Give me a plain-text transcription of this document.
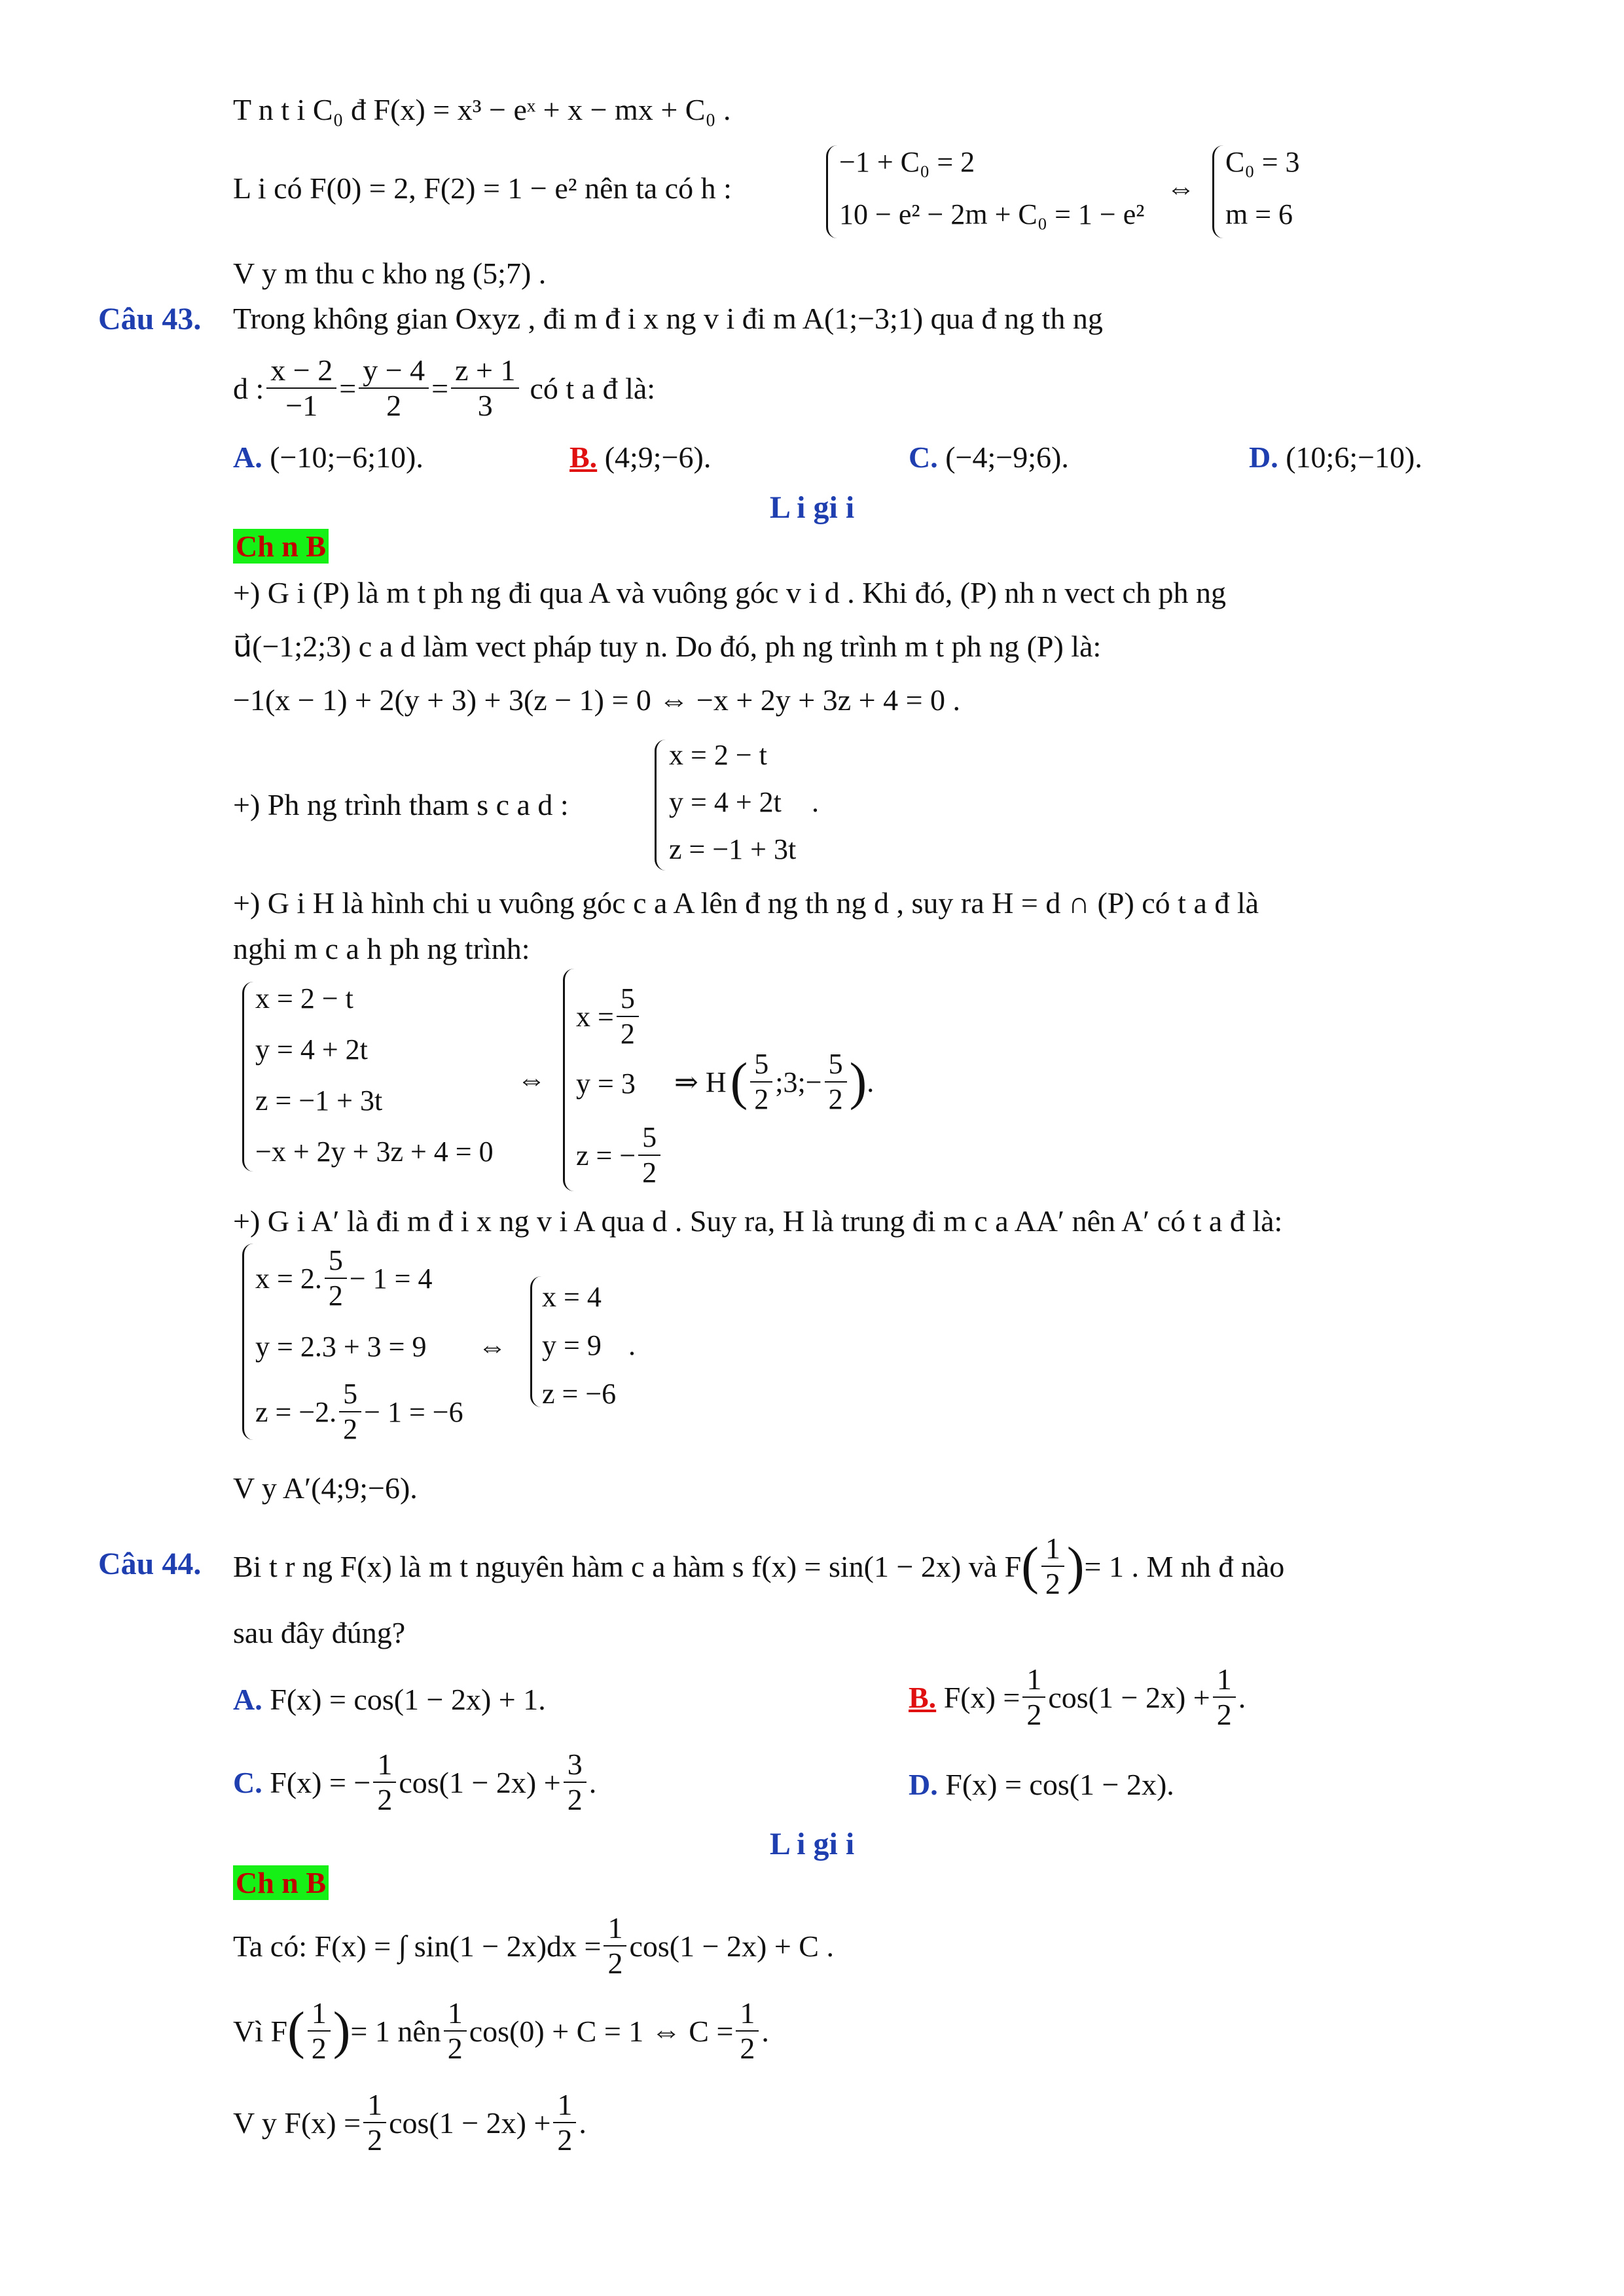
T n t i C₀ đ F(x) = x³ − eˣ + x − mx + C₀ .
L i có F(0) = 2, F(2) = 1 − e² nên ta có h :
−1 + C₀ = 2
10 − e² − 2m + C₀ = 1 − e²
⇔
C₀ = 3
m = 6
V y m thu c kho ng (5;7) .
Câu 43. Trong không gian Oxyz , đi m đ i x ng v i đi m A(1;−3;1) qua đ ng th ng
d : $\frac{x - 2}{-1} = \frac{y - 4}{2} = \frac{z + 1}{3}$ có t a đ là:
A. (−10;−6;10).	B. (4;9;−6).	C. (−4;−9;6).	D. (10;6;−10).
L i gi i
Ch n B
+) G i (P) là m t ph ng đi qua A và vuông góc v i d . Khi đó, (P) nh n vect ch ph ng
u⃗(−1;2;3) c a d làm vect pháp tuy n. Do đó, ph ng trình m t ph ng (P) là:
−1(x − 1) + 2(y + 3) + 3(z − 1) = 0 ⇔ −x + 2y + 3z + 4 = 0 .
+) Ph ng trình tham s c a d :
x = 2 − t
y = 4 + 2t
z = −1 + 3t
.
+) G i H là hình chi u vuông góc c a A lên đ ng th ng d , suy ra H = d ∩ (P) có t a đ là
nghi m c a h ph ng trình:
x = 2 − t
y = 4 + 2t
z = −1 + 3t
−x + 2y + 3z + 4 = 0
⇔
$x = \frac{5}{2}$
y = 3
z = − $\frac{5}{2}$
⇒ H ( $\frac{5}{2}$ ;3;− $\frac{5}{2}$ ) .
+) G i A′ là đi m đ i x ng v i A qua d . Suy ra, H là trung đi m c a AA′ nên A′ có t a đ là:
x = 2. $\frac{5}{2} - 1 = 4$
y = 2.3 + 3 = 9
z = −2. $\frac{5}{2} - 1 = -6$
⇔
x = 4
y = 9
z = −6
.
V y A′(4;9;−6).
Câu 44. Bi t r ng F(x) là m t nguyên hàm c a hàm s f(x) = sin(1 − 2x) và F ( $\frac{1}{2}$ ) = 1 . M nh đ nào
sau đây đúng?
A. F(x) = cos(1 − 2x) + 1.	B.
$F(x) = \frac{1}{2} \cos(1 - 2x) + \frac{1}{2}$ .
C.
F(x) = − $\frac{1}{2} \cos(1 - 2x) + \frac{3}{2}$ .	D. F(x) = cos(1 − 2x).
L i gi i
Ch n B
Ta có: F(x) = ∫ $\sin(1 - 2x)dx = \frac{1}{2} \cos(1 - 2x) + C$ .
Vì F ( $\frac{1}{2}$ ) = 1 nên $\frac{1}{2} \cos(0) + C = 1$ ⇔ $C = \frac{1}{2}$ .
V y $F(x) = \frac{1}{2} \cos(1 - 2x) + \frac{1}{2}$ .
